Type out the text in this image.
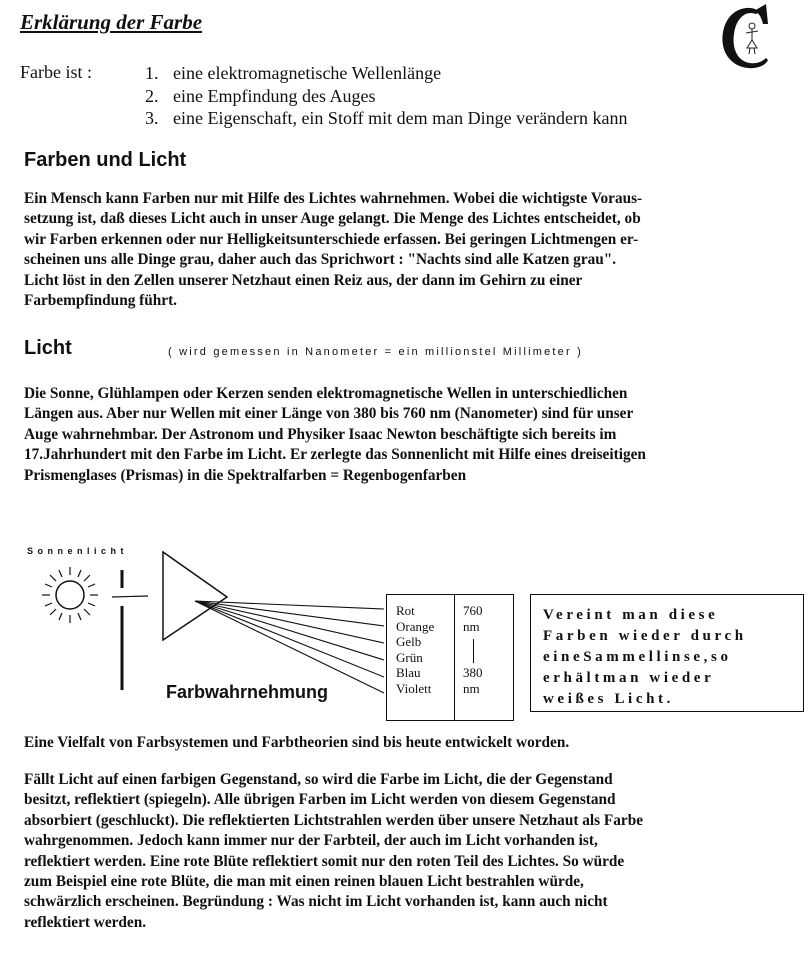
Erklärung der Farbe
Farbe ist :	1. eine elektromagnetische Wellenlänge
2. eine Empfindung des Auges
3. eine Eigenschaft, ein Stoff mit dem man Dinge verändern kann
Farben und Licht
Ein Mensch kann Farben nur mit Hilfe des Lichtes wahrnehmen. Wobei die wichtigste Voraus-
setzung ist, daß dieses Licht auch in unser Auge gelangt. Die Menge des Lichtes entscheidet, ob
wir Farben erkennen oder nur Helligkeitsunterschiede erfassen. Bei geringen Lichtmengen er-
scheinen uns alle Dinge grau, daher auch das Sprichwort : "Nachts sind alle Katzen grau".
Licht löst in den Zellen unserer Netzhaut einen Reiz aus, der dann im Gehirn zu einer
Farbempfindung führt.
Licht	( wird gemessen in Nanometer = ein millionstel Millimeter )
Die Sonne, Glühlampen oder Kerzen senden elektromagnetische Wellen in unterschiedlichen
Längen aus. Aber nur Wellen mit einer Länge von 380 bis 760 nm (Nanometer) sind für unser
Auge wahrnehmbar. Der Astronom und Physiker Isaac Newton beschäftigte sich bereits im
17.Jahrhundert mit den Farbe im Licht. Er zerlegte das Sonnenlicht mit Hilfe eines dreiseitigen
Prismenglases (Prismas) in die Spektralfarben = Regenbogenfarben
Sonnenlicht
Rot
Orange
Gelb
Grün
Blau
Violett
760
nm
380
nm
Vereint man diese
Farben wieder durch
eineSammellinse,so
erhältman wieder
weißes Licht.
Farbwahrnehmung
Eine Vielfalt von Farbsystemen und Farbtheorien sind bis heute entwickelt worden.
Fällt Licht auf einen farbigen Gegenstand, so wird die Farbe im Licht, die der Gegenstand
besitzt, reflektiert (spiegeln). Alle übrigen Farben im Licht werden von diesem Gegenstand
absorbiert (geschluckt). Die reflektierten Lichtstrahlen werden über unsere Netzhaut als Farbe
wahrgenommen. Jedoch kann immer nur der Farbteil, der auch im Licht vorhanden ist,
reflektiert werden. Eine rote Blüte reflektiert somit nur den roten Teil des Lichtes. So würde
zum Beispiel eine rote Blüte, die man mit einen reinen blauen Licht bestrahlen würde,
schwärzlich erscheinen. Begründung : Was nicht im Licht vorhanden ist, kann auch nicht
reflektiert werden.
